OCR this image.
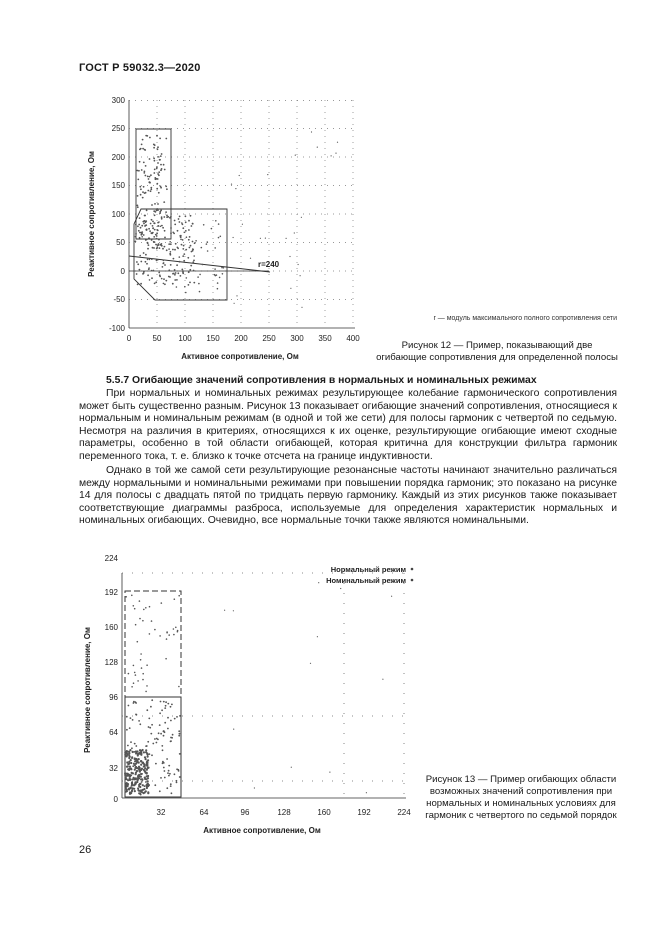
ГОСТ Р 59032.3—2020
300
250
200
150
100
50
0
-50
-100
0	50 100 150 200 250 300 350 400
r=240
Активное сопротивление, Ом
Реактивное сопротивление, Ом
r — модуль максимального полного сопротивления сети
Рисунок 12 — Пример, показывающий две огибающие сопротивления для определенной полосы
5.5.7 Огибающие значений сопротивления в нормальных и номинальных режимах
При нормальных и номинальных режимах результирующее колебание гармонического сопротивления может быть существенно разным. Рисунок 13 показывает огибающие значений сопротивления, относящиеся к нормальным и номинальным режимам (в одной и той же сети) для полосы гармоник с четвертой по седьмую. Несмотря на различия в критериях, относящихся к их оценке, результирующие огибающие имеют сходные параметры, особенно в той области огибающей, которая критична для конструкции фильтра гармоник переменного тока, т. е. близко к точке отсчета на границе индуктивности.
Однако в той же самой сети результирующие резонансные частоты начинают значительно различаться между нормальными и номинальными режимами при повышении порядка гармоник; это показано на рисунке 14 для полосы с двадцать пятой по тридцать первую гармонику. Каждый из этих рисунков также показывает соответствующие диаграммы разброса, используемые для определения характеристик нормальных и номинальных огибающих. Очевидно, все нормальные точки также являются номинальными.
224
192
160
128
96
64
32
0
32	64	96	128	160	192	224
Нормальный режим
Номинальный режим
Активное сопротивление, Ом
Реактивное сопротивление, Ом
Рисунок 13 — Пример огибающих области возможных значений сопротивления при нормальных и номинальных условиях для гармоник с четвертого по седьмой порядок
26
